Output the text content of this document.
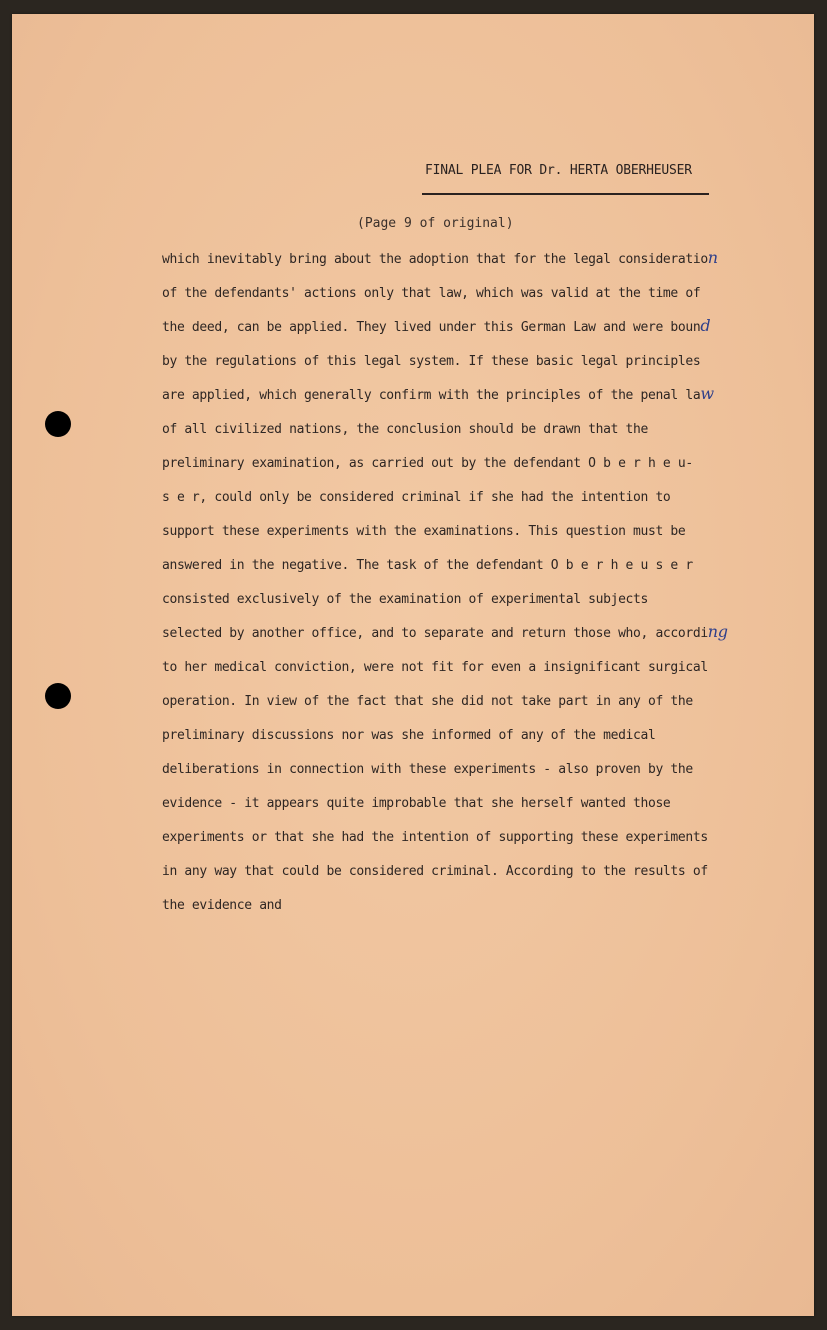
FINAL PLEA FOR Dr. HERTA OBERHEUSER
(Page 9 of original)
which inevitably bring about the adoption that for the legal consideration
of the defendants' actions only that law, which was valid at the time of
the deed, can be applied. They lived under this German Law and were bound
by the regulations of this legal system. If these basic legal principles
are applied, which generally confirm with the principles of the penal law
of all civilized nations, the conclusion should be drawn that the
preliminary examination, as carried out by the defendant O b e r h e u-
s e r, could only be considered criminal if she had the intention to
support these experiments with the examinations. This question must be
answered in the negative. The task of the defendant O b e r h e u s e r
consisted exclusively of the examination of experimental subjects
selected by another office, and to separate and return those who, according
to her medical conviction, were not fit for even a insignificant surgical
operation. In view of the fact that she did not take part in any of the
preliminary discussions nor was she informed of any of the medical
deliberations in connection with these experiments - also proven by the
evidence - it appears quite improbable that she herself wanted those
experiments or that she had the intention of supporting these experiments
in any way that could be considered criminal. According to the results of
the evidence and
